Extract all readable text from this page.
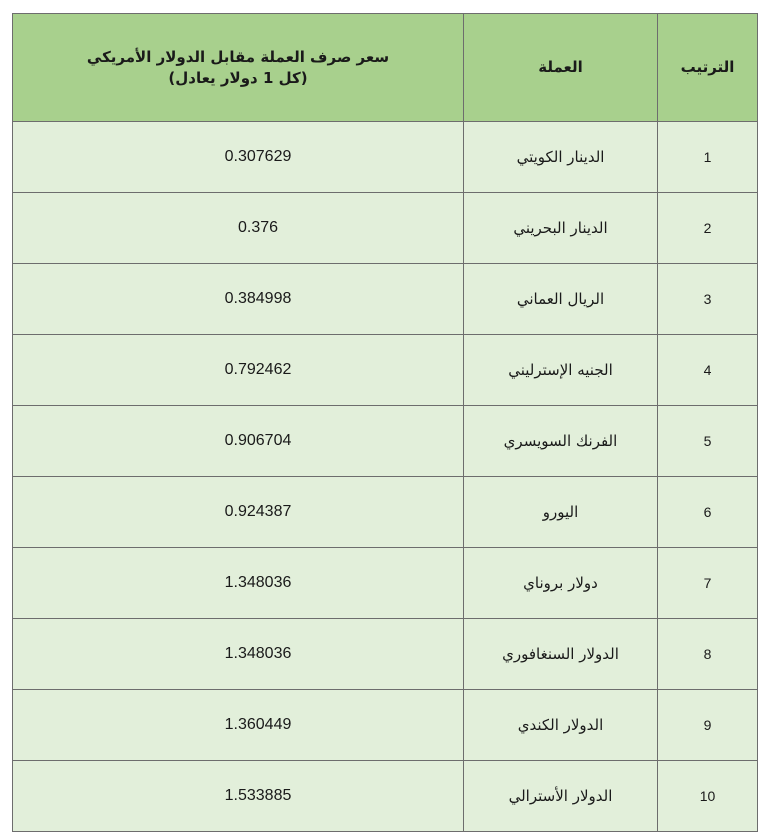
الترتيب	العملة	سعر صرف العملة مقابل الدولار الأمريكي
(كل 1 دولار يعادل)

1	الدينار الكويتي	0.307629
2	الدينار البحريني	0.376
3	الريال العماني	0.384998
4	الجنيه الإسترليني	0.792462
5	الفرنك السويسري	0.906704
6	اليورو	0.924387
7	دولار بروناي	1.348036
8	الدولار السنغافوري	1.348036
9	الدولار الكندي	1.360449
10	الدولار الأسترالي	1.533885
